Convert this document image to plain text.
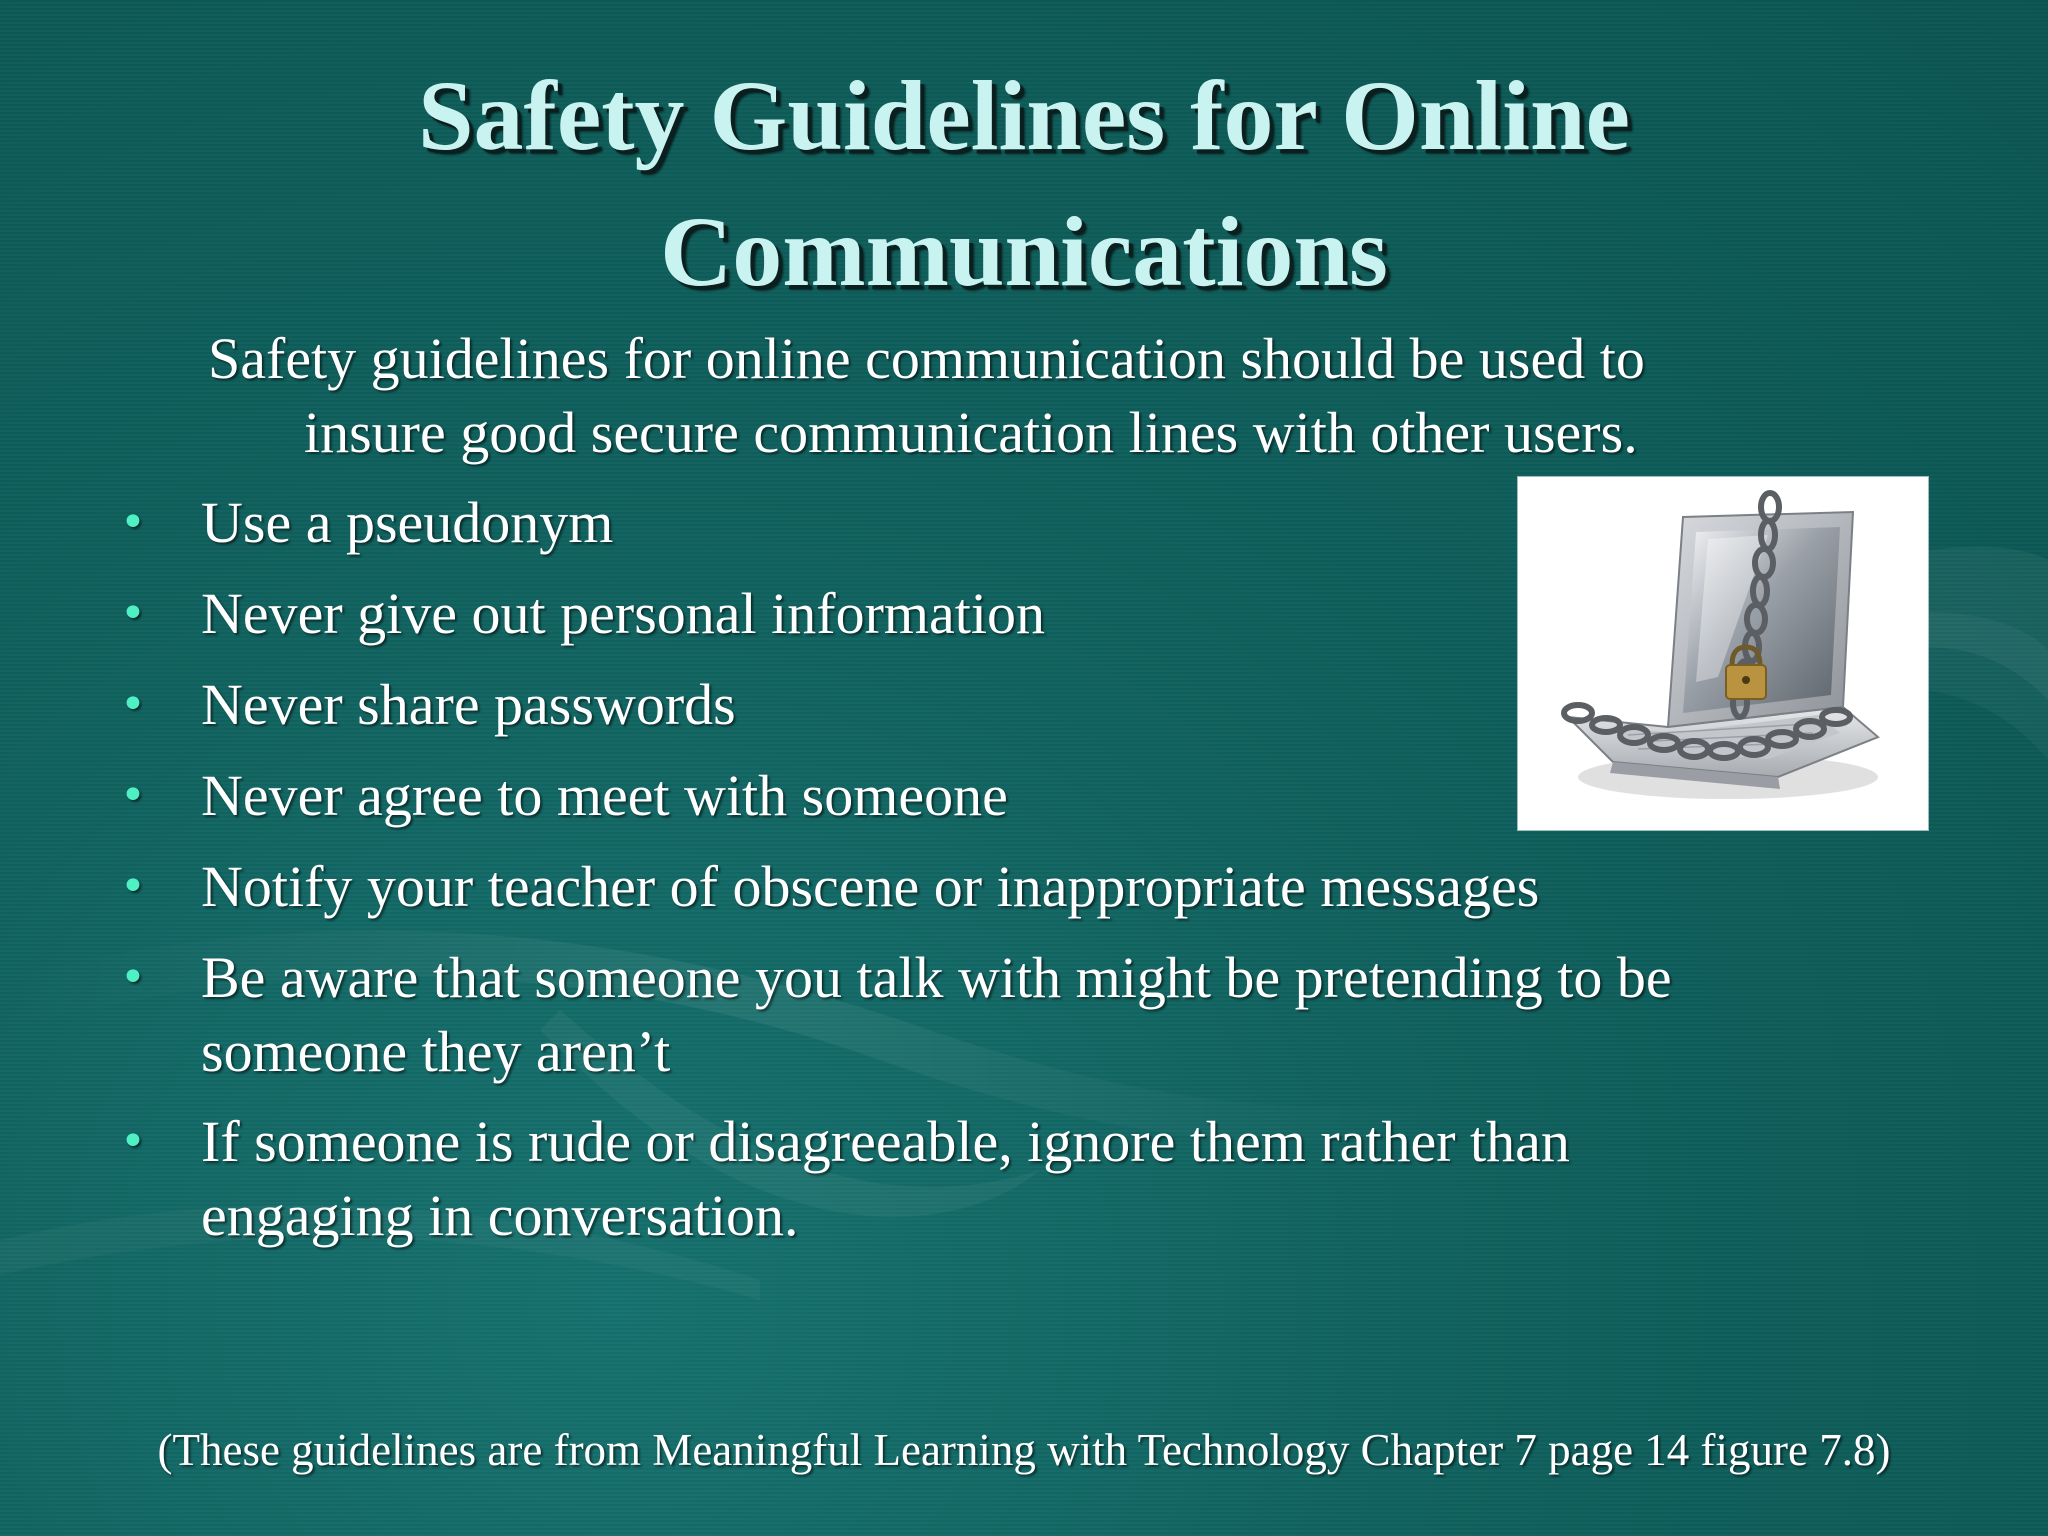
Safety Guidelines for Online
Communications
Safety guidelines for online communication should be used to
insure good secure communication lines with other users.
• Use a pseudonym
• Never give out personal information
• Never share passwords
• Never agree to meet with someone
• Notify your teacher of obscene or inappropriate messages
• Be aware that someone you talk with might be pretending to be
someone they aren’t
• If someone is rude or disagreeable, ignore them rather than
engaging in conversation.
(These guidelines are from Meaningful Learning with Technology Chapter 7 page 14 figure 7.8)
